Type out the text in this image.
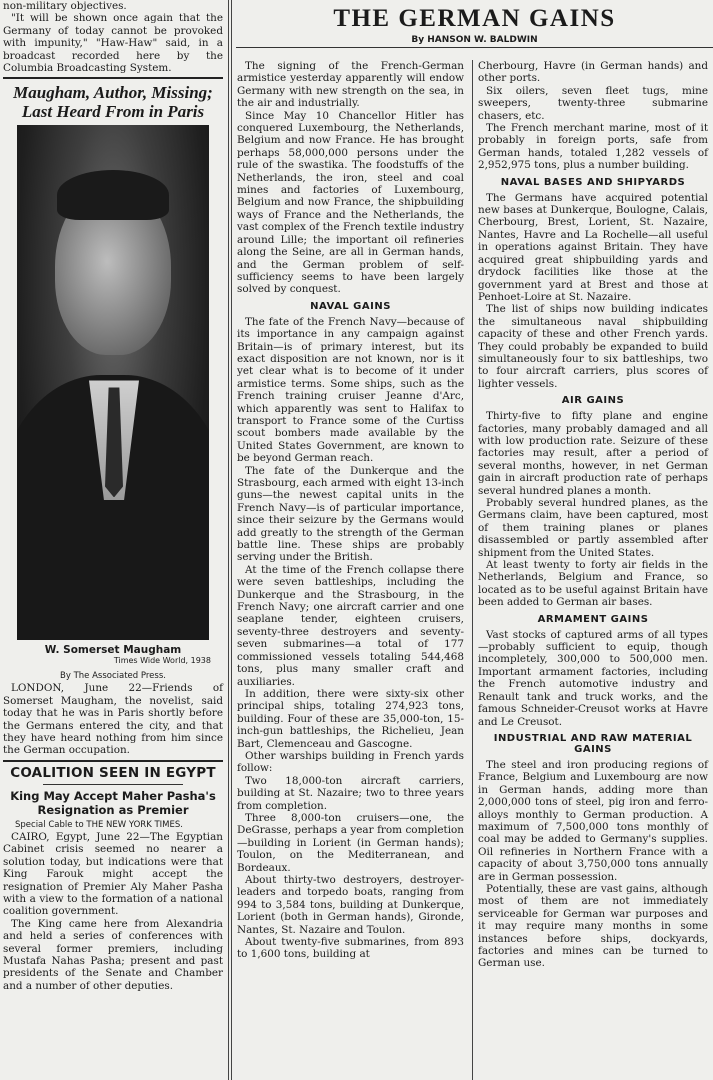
non-military objectives.

"It will be shown once again that the Germany of today cannot be provoked with impunity," "Haw-Haw" said, in a broadcast recorded here by the Columbia Broadcasting System.

Maugham, Author, Missing; Last Heard From in Paris
W. Somerset Maugham
Times Wide World, 1938
By The Associated Press.

LONDON, June 22—Friends of Somerset Maugham, the novelist, said today that he was in Paris shortly before the Germans entered the city, and that they have heard nothing from him since the German occupation.

COALITION SEEN IN EGYPT
King May Accept Maher Pasha's Resignation as Premier
Special Cable to THE NEW YORK TIMES.

CAIRO, Egypt, June 22—The Egyptian Cabinet crisis seemed no nearer a solution today, but indications were that King Farouk might accept the resignation of Premier Aly Maher Pasha with a view to the formation of a national coalition government.

The King came here from Alexandria and held a series of conferences with several former premiers, including Mustafa Nahas Pasha; present and past presidents of the Senate and Chamber and a number of other deputies.

THE GERMAN GAINS
By HANSON W. BALDWIN

The signing of the French-German armistice yesterday apparently will endow Germany with new strength on the sea, in the air and industrially.

Since May 10 Chancellor Hitler has conquered Luxembourg, the Netherlands, Belgium and now France. He has brought perhaps 58,000,000 persons under the rule of the swastika. The foodstuffs of the Netherlands, the iron, steel and coal mines and factories of Luxembourg, Belgium and now France, the shipbuilding ways of France and the Netherlands, the vast complex of the French textile industry around Lille; the important oil refineries along the Seine, are all in German hands, and the German problem of self-sufficiency seems to have been largely solved by conquest.

NAVAL GAINS

The fate of the French Navy—because of its importance in any campaign against Britain—is of primary interest, but its exact disposition are not known, nor is it yet clear what is to become of it under armistice terms. Some ships, such as the French training cruiser Jeanne d'Arc, which apparently was sent to Halifax to transport to France some of the Curtiss scout bombers made available by the United States Government, are known to be beyond German reach.

The fate of the Dunkerque and the Strasbourg, each armed with eight 13-inch guns—the newest capital units in the French Navy—is of particular importance, since their seizure by the Germans would add greatly to the strength of the German battle line. These ships are probably serving under the British.

At the time of the French collapse there were seven battleships, including the Dunkerque and the Strasbourg, in the French Navy; one aircraft carrier and one seaplane tender, eighteen cruisers, seventy-three destroyers and seventy-seven submarines—a total of 177 commissioned vessels totaling 544,468 tons, plus many smaller craft and auxiliaries.

In addition, there were sixty-six other principal ships, totaling 274,923 tons, building. Four of these are 35,000-ton, 15-inch-gun battleships, the Richelieu, Jean Bart, Clemenceau and Gascogne.

Other warships building in French yards follow:

Two 18,000-ton aircraft carriers, building at St. Nazaire; two to three years from completion.

Three 8,000-ton cruisers—one, the DeGrasse, perhaps a year from completion—building in Lorient (in German hands); Toulon, on the Mediterranean, and Bordeaux.

About thirty-two destroyers, destroyer-leaders and torpedo boats, ranging from 994 to 3,584 tons, building at Dunkerque, Lorient (both in German hands), Gironde, Nantes, St. Nazaire and Toulon.

About twenty-five submarines, from 893 to 1,600 tons, building at

Cherbourg, Havre (in German hands) and other ports.

Six oilers, seven fleet tugs, mine sweepers, twenty-three submarine chasers, etc.

The French merchant marine, most of it probably in foreign ports, safe from German hands, totaled 1,282 vessels of 2,952,975 tons, plus a number building.

NAVAL BASES AND SHIPYARDS

The Germans have acquired potential new bases at Dunkerque, Boulogne, Calais, Cherbourg, Brest, Lorient, St. Nazaire, Nantes, Havre and La Rochelle—all useful in operations against Britain. They have acquired great shipbuilding yards and drydock facilities like those at the government yard at Brest and those at Penhoet-Loire at St. Nazaire.

The list of ships now building indicates the simultaneous naval shipbuilding capacity of these and other French yards. They could probably be expanded to build simultaneously four to six battleships, two to four aircraft carriers, plus scores of lighter vessels.

AIR GAINS

Thirty-five to fifty plane and engine factories, many probably damaged and all with low production rate. Seizure of these factories may result, after a period of several months, however, in net German gain in aircraft production rate of perhaps several hundred planes a month.

Probably several hundred planes, as the Germans claim, have been captured, most of them training planes or planes disassembled or partly assembled after shipment from the United States.

At least twenty to forty air fields in the Netherlands, Belgium and France, so located as to be useful against Britain have been added to German air bases.

ARMAMENT GAINS

Vast stocks of captured arms of all types—probably sufficient to equip, though incompletely, 300,000 to 500,000 men. Important armament factories, including the French automotive industry and Renault tank and truck works, and the famous Schneider-Creusot works at Havre and Le Creusot.

INDUSTRIAL AND RAW MATERIAL GAINS

The steel and iron producing regions of France, Belgium and Luxembourg are now in German hands, adding more than 2,000,000 tons of steel, pig iron and ferro-alloys monthly to German production. A maximum of 7,500,000 tons monthly of coal may be added to Germany's supplies. Oil refineries in Northern France with a capacity of about 3,750,000 tons annually are in German possession.

Potentially, these are vast gains, although most of them are not immediately serviceable for German war purposes and it may require many months in some instances before ships, dockyards, factories and mines can be turned to German use.
